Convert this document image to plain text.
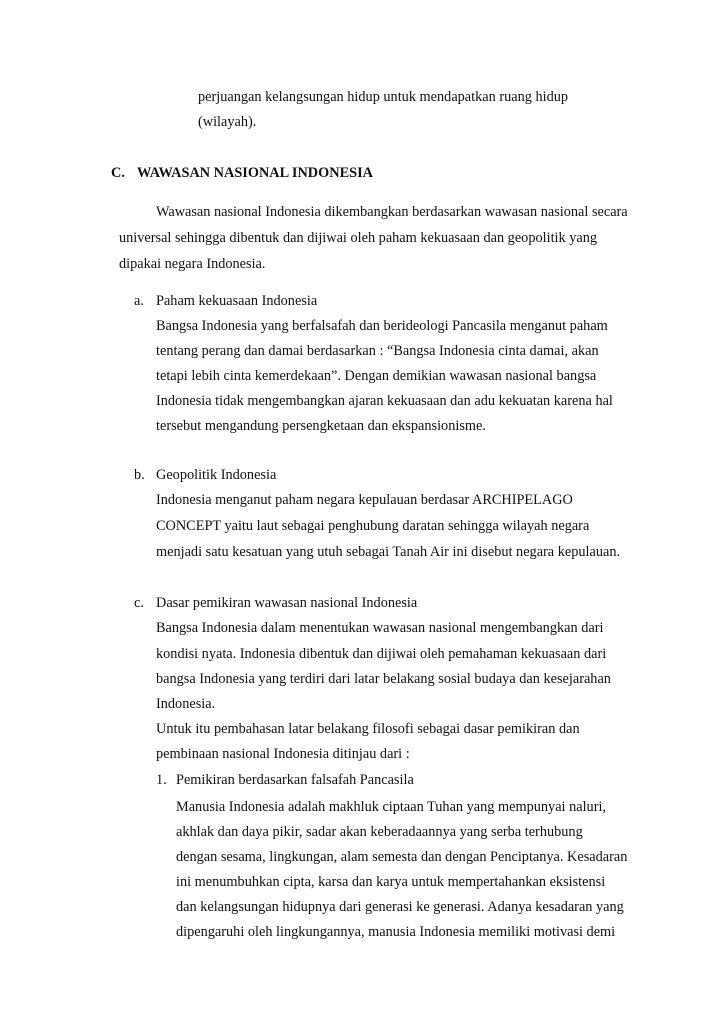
perjuangan kelangsungan hidup untuk mendapatkan ruang hidup
(wilayah).
C. WAWASAN NASIONAL INDONESIA
Wawasan nasional Indonesia dikembangkan berdasarkan wawasan nasional secara
universal sehingga dibentuk dan dijiwai oleh paham kekuasaan dan geopolitik yang
dipakai negara Indonesia.
a. Paham kekuasaan Indonesia
Bangsa Indonesia yang berfalsafah dan berideologi Pancasila menganut paham
tentang perang dan damai berdasarkan : “Bangsa Indonesia cinta damai, akan
tetapi lebih cinta kemerdekaan”. Dengan demikian wawasan nasional bangsa
Indonesia tidak mengembangkan ajaran kekuasaan dan adu kekuatan karena hal
tersebut mengandung persengketaan dan ekspansionisme.
b. Geopolitik Indonesia
Indonesia menganut paham negara kepulauan berdasar ARCHIPELAGO
CONCEPT yaitu laut sebagai penghubung daratan sehingga wilayah negara
menjadi satu kesatuan yang utuh sebagai Tanah Air ini disebut negara kepulauan.
c. Dasar pemikiran wawasan nasional Indonesia
Bangsa Indonesia dalam menentukan wawasan nasional mengembangkan dari
kondisi nyata. Indonesia dibentuk dan dijiwai oleh pemahaman kekuasaan dari
bangsa Indonesia yang terdiri dari latar belakang sosial budaya dan kesejarahan
Indonesia.
Untuk itu pembahasan latar belakang filosofi sebagai dasar pemikiran dan
pembinaan nasional Indonesia ditinjau dari :
1. Pemikiran berdasarkan falsafah Pancasila
Manusia Indonesia adalah makhluk ciptaan Tuhan yang mempunyai naluri,
akhlak dan daya pikir, sadar akan keberadaannya yang serba terhubung
dengan sesama, lingkungan, alam semesta dan dengan Penciptanya. Kesadaran
ini menumbuhkan cipta, karsa dan karya untuk mempertahankan eksistensi
dan kelangsungan hidupnya dari generasi ke generasi. Adanya kesadaran yang
dipengaruhi oleh lingkungannya, manusia Indonesia memiliki motivasi demi
